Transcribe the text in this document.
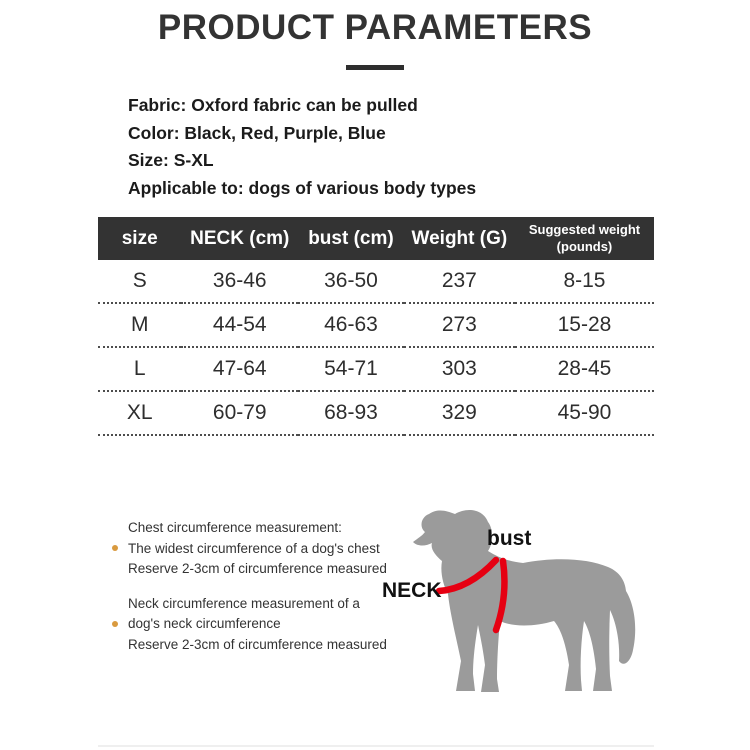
PRODUCT PARAMETERS

Fabric: Oxford fabric can be pulled

Color: Black, Red, Purple, Blue

Size: S-XL

Applicable to: dogs of various body types

size	NECK (cm)	bust (cm)	Weight (G)	Suggested weight (pounds)
S	36-46	36-50	237	8-15
M	44-54	46-63	273	15-28
L	47-64	54-71	303	28-45
XL	60-79	68-93	329	45-90

Chest circumference measurement:

The widest circumference of a dog's chest

Reserve 2-3cm of circumference measured

Neck circumference measurement of a

dog's neck circumference

Reserve 2-3cm of circumference measured

bust
NECK
